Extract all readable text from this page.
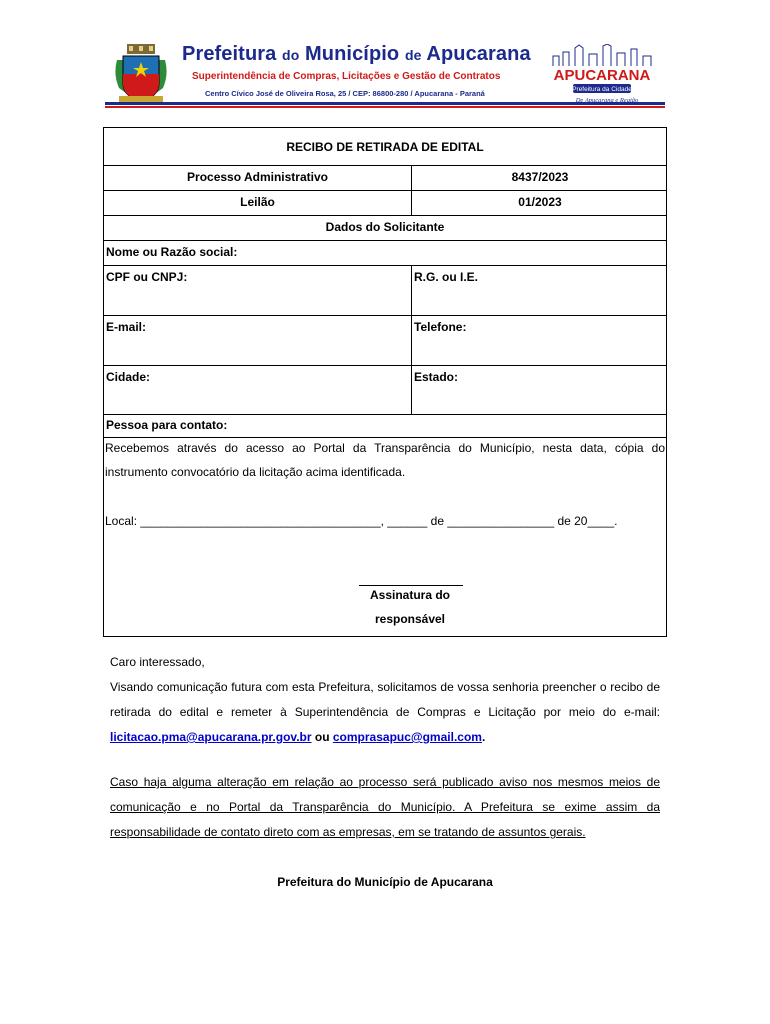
Prefeitura do Município de Apucarana
Superintendência de Compras, Licitações e Gestão de Contratos
Centro Cívico José de Oliveira Rosa, 25 / CEP: 86800-280 / Apucarana - Paraná
APUCARANA
Prefeitura da Cidade
De Apucarana e Região
RECIBO DE RETIRADA DE EDITAL
Processo Administrativo	8437/2023
Leilão	01/2023
Dados do Solicitante
Nome ou Razão social:
CPF ou CNPJ:	R.G. ou I.E.
E-mail:	Telefone:
Cidade:	Estado:
Pessoa para contato:
Recebemos através do acesso ao Portal da Transparência do Município, nesta data, cópia do instrumento convocatório da licitação acima identificada.
Local: ____________________________________, ______ de ________________ de 20____.
Assinatura do
responsável
Caro interessado,
Visando comunicação futura com esta Prefeitura, solicitamos de vossa senhoria preencher o recibo de retirada do edital e remeter à Superintendência de Compras e Licitação por meio do e-mail: licitacao.pma@apucarana.pr.gov.br ou comprasapuc@gmail.com.
Caso haja alguma alteração em relação ao processo será publicado aviso nos mesmos meios de comunicação e no Portal da Transparência do Município. A Prefeitura se exime assim da responsabilidade de contato direto com as empresas, em se tratando de assuntos gerais.
Prefeitura do Município de Apucarana
